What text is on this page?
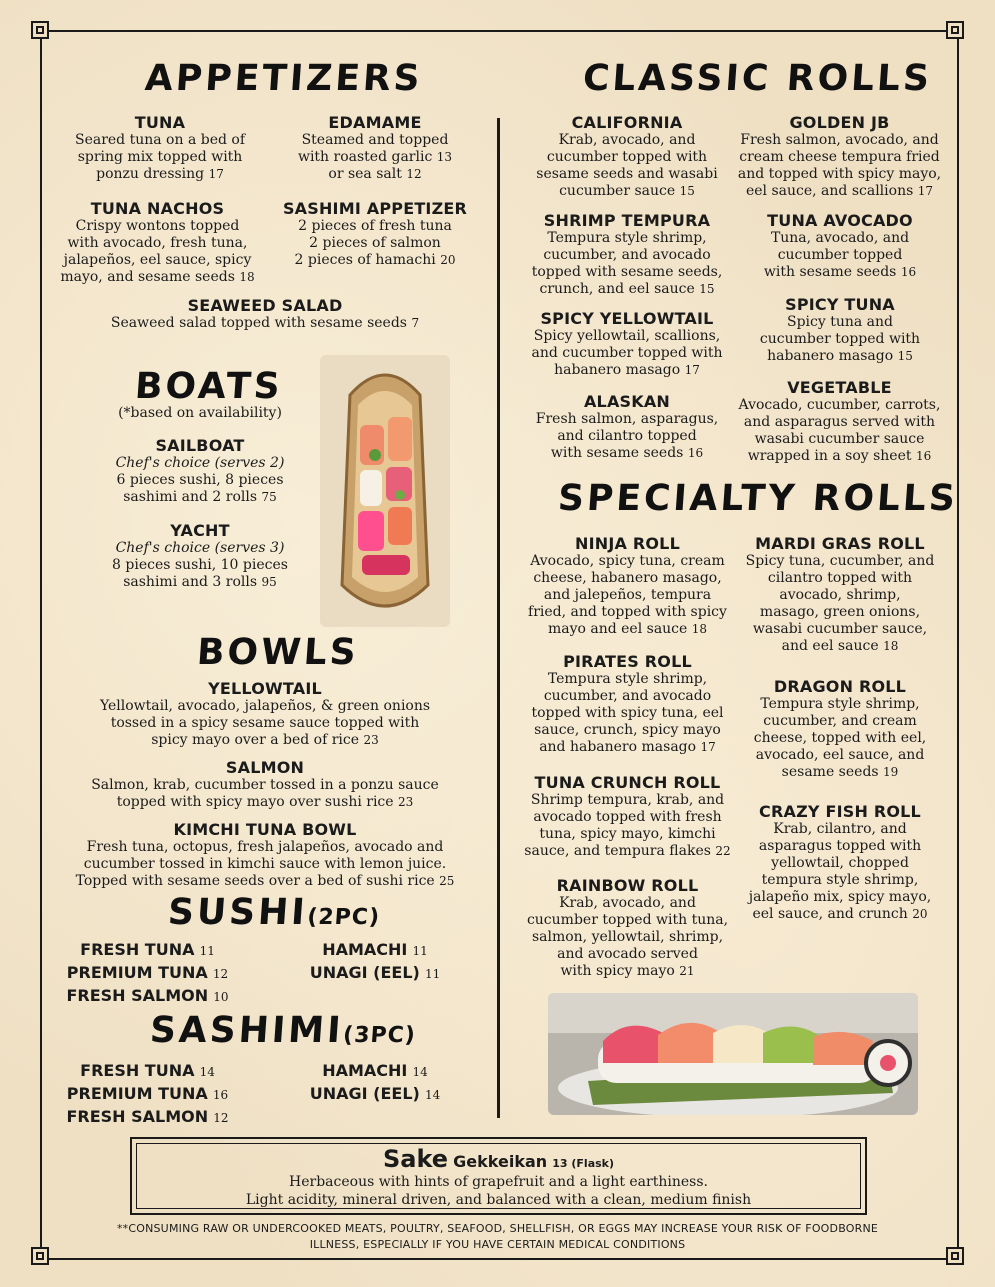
APPETIZERS
TUNA
Seared tuna on a bed of
spring mix topped with
ponzu dressing 17
EDAMAME
Steamed and topped
with roasted garlic 13
or sea salt 12
TUNA NACHOS
Crispy wontons topped
with avocado, fresh tuna,
jalapeños, eel sauce, spicy
mayo, and sesame seeds 18
SASHIMI APPETIZER
2 pieces of fresh tuna
2 pieces of salmon
2 pieces of hamachi 20
SEAWEED SALAD
Seaweed salad topped with sesame seeds 7
BOATS
(*based on availability)
SAILBOAT
Chef's choice (serves 2)
6 pieces sushi, 8 pieces
sashimi and 2 rolls 75
YACHT
Chef's choice (serves 3)
8 pieces sushi, 10 pieces
sashimi and 3 rolls 95
BOWLS
YELLOWTAIL
Yellowtail, avocado, jalapeños, & green onions
tossed in a spicy sesame sauce topped with
spicy mayo over a bed of rice 23
SALMON
Salmon, krab, cucumber tossed in a ponzu sauce
topped with spicy mayo over sushi rice 23
KIMCHI TUNA BOWL
Fresh tuna, octopus, fresh jalapeños, avocado and
cucumber tossed in kimchi sauce with lemon juice.
Topped with sesame seeds over a bed of sushi rice 25
SUSHI(2PC)
FRESH TUNA 11
PREMIUM TUNA 12
FRESH SALMON 10
HAMACHI 11
UNAGI (EEL) 11
SASHIMI(3PC)
FRESH TUNA 14
PREMIUM TUNA 16
FRESH SALMON 12
HAMACHI 14
UNAGI (EEL) 14
CLASSIC ROLLS
CALIFORNIA
Krab, avocado, and
cucumber topped with
sesame seeds and wasabi
cucumber sauce 15
GOLDEN JB
Fresh salmon, avocado, and
cream cheese tempura fried
and topped with spicy mayo,
eel sauce, and scallions 17
SHRIMP TEMPURA
Tempura style shrimp,
cucumber, and avocado
topped with sesame seeds,
crunch, and eel sauce 15
TUNA AVOCADO
Tuna, avocado, and
cucumber topped
with sesame seeds 16
SPICY YELLOWTAIL
Spicy yellowtail, scallions,
and cucumber topped with
habanero masago 17
SPICY TUNA
Spicy tuna and
cucumber topped with
habanero masago 15
ALASKAN
Fresh salmon, asparagus,
and cilantro topped
with sesame seeds 16
VEGETABLE
Avocado, cucumber, carrots,
and asparagus served with
wasabi cucumber sauce
wrapped in a soy sheet 16
SPECIALTY ROLLS
NINJA ROLL
Avocado, spicy tuna, cream
cheese, habanero masago,
and jalepeños, tempura
fried, and topped with spicy
mayo and eel sauce 18
MARDI GRAS ROLL
Spicy tuna, cucumber, and
cilantro topped with
avocado, shrimp,
masago, green onions,
wasabi cucumber sauce,
and eel sauce 18
PIRATES ROLL
Tempura style shrimp,
cucumber, and avocado
topped with spicy tuna, eel
sauce, crunch, spicy mayo
and habanero masago 17
DRAGON ROLL
Tempura style shrimp,
cucumber, and cream
cheese, topped with eel,
avocado, eel sauce, and
sesame seeds 19
TUNA CRUNCH ROLL
Shrimp tempura, krab, and
avocado topped with fresh
tuna, spicy mayo, kimchi
sauce, and tempura flakes 22
CRAZY FISH ROLL
Krab, cilantro, and
asparagus topped with
yellowtail, chopped
tempura style shrimp,
jalapeño mix, spicy mayo,
eel sauce, and crunch 20
RAINBOW ROLL
Krab, avocado, and
cucumber topped with tuna,
salmon, yellowtail, shrimp,
and avocado served
with spicy mayo 21
Sake Gekkeikan 13 (Flask)
Herbaceous with hints of grapefruit and a light earthiness.
Light acidity, mineral driven, and balanced with a clean, medium finish
**CONSUMING RAW OR UNDERCOOKED MEATS, POULTRY, SEAFOOD, SHELLFISH, OR EGGS MAY INCREASE YOUR RISK OF FOODBORNE
ILLNESS, ESPECIALLY IF YOU HAVE CERTAIN MEDICAL CONDITIONS
